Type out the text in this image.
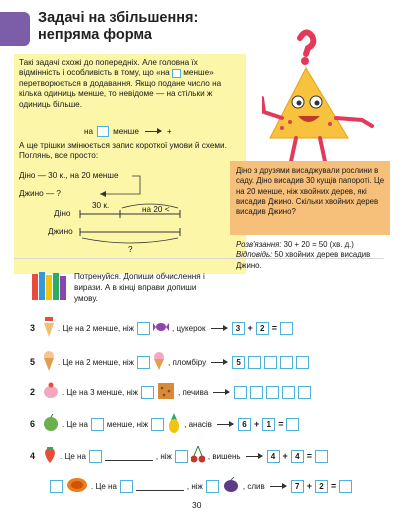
Задачі на збільшення:
непряма форма
Такі задачі схожі до попередніх. Але головна їх відмінність і особливість в тому, що «на менше» перетворюється в додавання. Якщо подане число на кілька одиниць менше, то невідоме — на стільки ж одиниць більше.
на менше	+
А ще трішки змінюється запис короткої умови й схеми. Поглянь, все просто:
Діно — 30 к., на 20 менше
Джино — ?
30 к.	на 20 <
Діно
Джино
?
Діно з друзями висаджували рослини в саду. Діно висадив 30 кущів папороті. Це на 20 менше, ніж хвойних дерев, які висадив Джино. Скільки хвойних дерев висадив Джино?
Розв'язання: 30 + 20 = 50 (хв. д.)
Відповідь: 50 хвойних дерев висадив Джино.
Потренуйся. Допиши обчислення і вирази. А в кінці вправи допиши умову.
3	. Це на 2 менше, ніж	, цукерок	3 + 2 =
5	. Це на 2 менше, ніж	, пломбіру	5
2	. Це на 3 менше, ніж	, печива
6	. Це на менше, ніж	, анасів	6 + 1 =
4	. Це на	, ніж	, вишень	4 + 4 =
. Це на	, ніж	, слив	7 + 2 =
30
